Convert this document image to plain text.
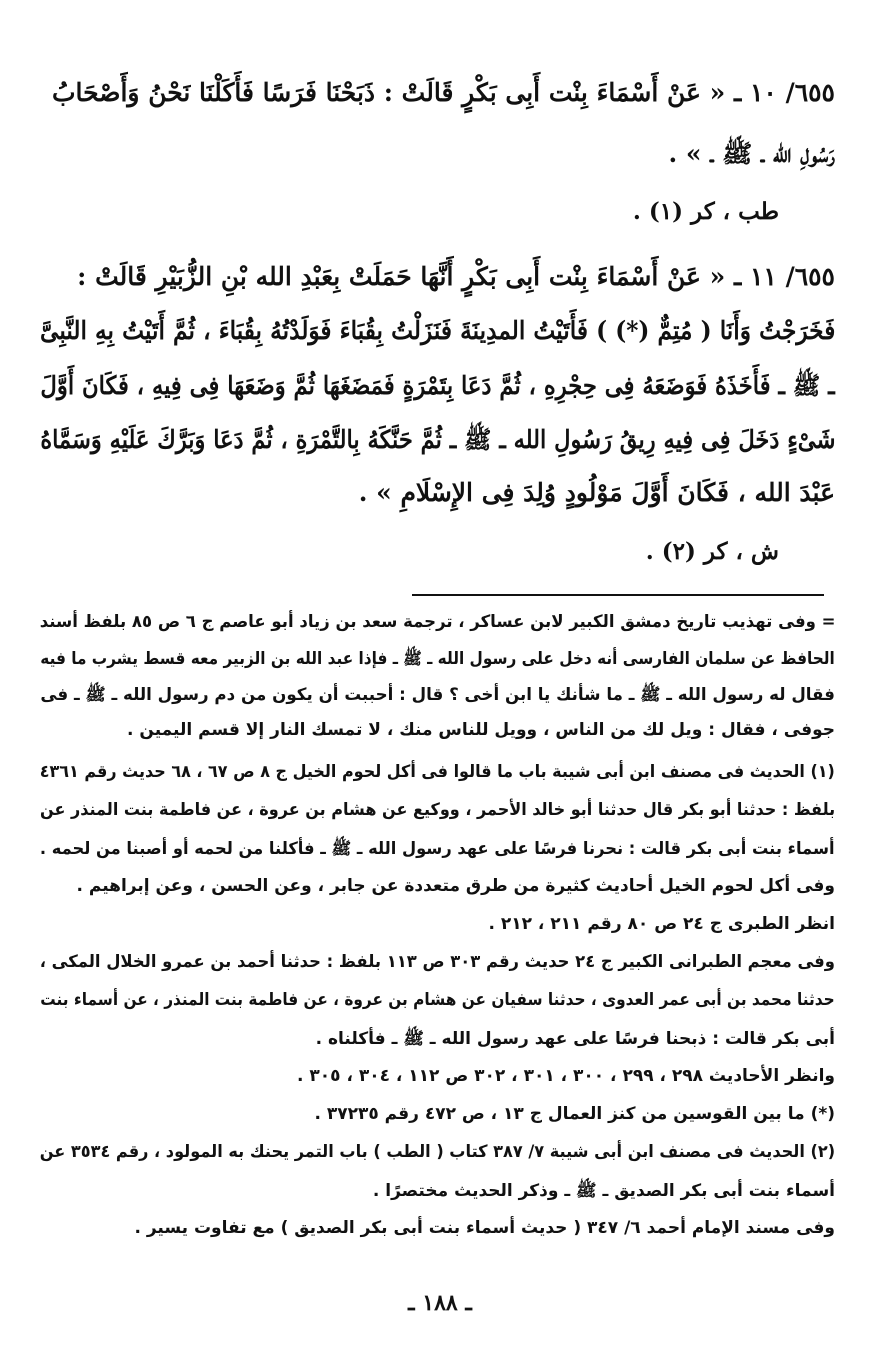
٦٥٥/ ١٠ ـ « عَنْ أَسْمَاءَ بِنْت أَبِى بَكْرٍ قَالَتْ : ذَبَحْنَا فَرَسًا فَأَكَلْنَا نَحْنُ وَأَصْحَابُ
رَسُولِ الله ـ ﷺ ـ » .
طب ، كر (١) .
٦٥٥/ ١١ ـ « عَنْ أَسْمَاءَ بِنْت أَبِى بَكْرٍ أَنَّهَا حَمَلَتْ بِعَبْدِ الله بْنِ الزُّبَيْرِ قَالَتْ :
فَخَرَجْتُ وَأَنَا ( مُتِمٌّ (*) ) فَأَتَيْتُ المدِينَةَ فَنَزَلْتُ بِقُبَاءَ فَوَلَدْتُهُ بِقُبَاءَ ، ثُمَّ أَتَيْتُ بِهِ النَّبِىَّ
ـ ﷺ ـ فَأَخَذَهُ فَوَضَعَهُ فِى حِجْرِهِ ، ثُمَّ دَعَا بِتَمْرَةٍ فَمَضَغَهَا ثُمَّ وَضَعَهَا فِى فِيهِ ، فَكَانَ أَوَّلَ
شَىْءٍ دَخَلَ فِى فِيهِ رِيقُ رَسُولِ الله ـ ﷺ ـ ثُمَّ حَنَّكَهُ بِالتَّمْرَةِ ، ثُمَّ دَعَا وَبَرَّكَ عَلَيْهِ وَسَمَّاهُ
عَبْدَ الله ، فَكَانَ أَوَّلَ مَوْلُودٍ وُلِدَ فِى الإِسْلَامِ » .
ش ، كر (٢) .
= وفى تهذيب تاريخ دمشق الكبير لابن عساكر ، ترجمة سعد بن زياد أبو عاصم ج ٦ ص ٨٥ بلفظ أسند
الحافظ عن سلمان الفارسى أنه دخل على رسول الله ـ ﷺ ـ فإذا عبد الله بن الزبير معه قسط يشرب ما فيه
فقال له رسول الله ـ ﷺ ـ ما شأنك يا ابن أخى ؟ قال : أحببت أن يكون من دم رسول الله ـ ﷺ ـ فى
جوفى ، فقال : ويل لك من الناس ، وويل للناس منك ، لا تمسك النار إلا قسم اليمين .
(١) الحديث فى مصنف ابن أبى شيبة باب ما قالوا فى أكل لحوم الخيل ج ٨ ص ٦٧ ، ٦٨ حديث رقم ٤٣٦١
بلفظ : حدثنا أبو بكر قال حدثنا أبو خالد الأحمر ، ووكيع عن هشام بن عروة ، عن فاطمة بنت المنذر عن
أسماء بنت أبى بكر قالت : نحرنا فرسًا على عهد رسول الله ـ ﷺ ـ فأكلنا من لحمه أو أصبنا من لحمه .
وفى أكل لحوم الخيل أحاديث كثيرة من طرق متعددة عن جابر ، وعن الحسن ، وعن إبراهيم .
انظر الطبرى ج ٢٤ ص ٨٠ رقم ٢١١ ، ٢١٢ .
وفى معجم الطبرانى الكبير ج ٢٤ حديث رقم ٣٠٣ ص ١١٣ بلفظ : حدثنا أحمد بن عمرو الخلال المكى ،
حدثنا محمد بن أبى عمر العدوى ، حدثنا سفيان عن هشام بن عروة ، عن فاطمة بنت المنذر ، عن أسماء بنت
أبى بكر قالت : ذبحنا فرسًا على عهد رسول الله ـ ﷺ ـ فأكلناه .
وانظر الأحاديث ٢٩٨ ، ٢٩٩ ، ٣٠٠ ، ٣٠١ ، ٣٠٢ ص ١١٢ ، ٣٠٤ ، ٣٠٥ .
(*) ما بين القوسين من كنز العمال ج ١٣ ، ص ٤٧٢ رقم ٣٧٢٣٥ .
(٢) الحديث فى مصنف ابن أبى شيبة ٧/ ٣٨٧ كتاب ( الطب ) باب التمر يحنك به المولود ، رقم ٣٥٣٤ عن
أسماء بنت أبى بكر الصديق ـ ﷺ ـ وذكر الحديث مختصرًا .
وفى مسند الإمام أحمد ٦/ ٣٤٧ ( حديث أسماء بنت أبى بكر الصديق ) مع تفاوت يسير .
ـ ١٨٨ ـ
